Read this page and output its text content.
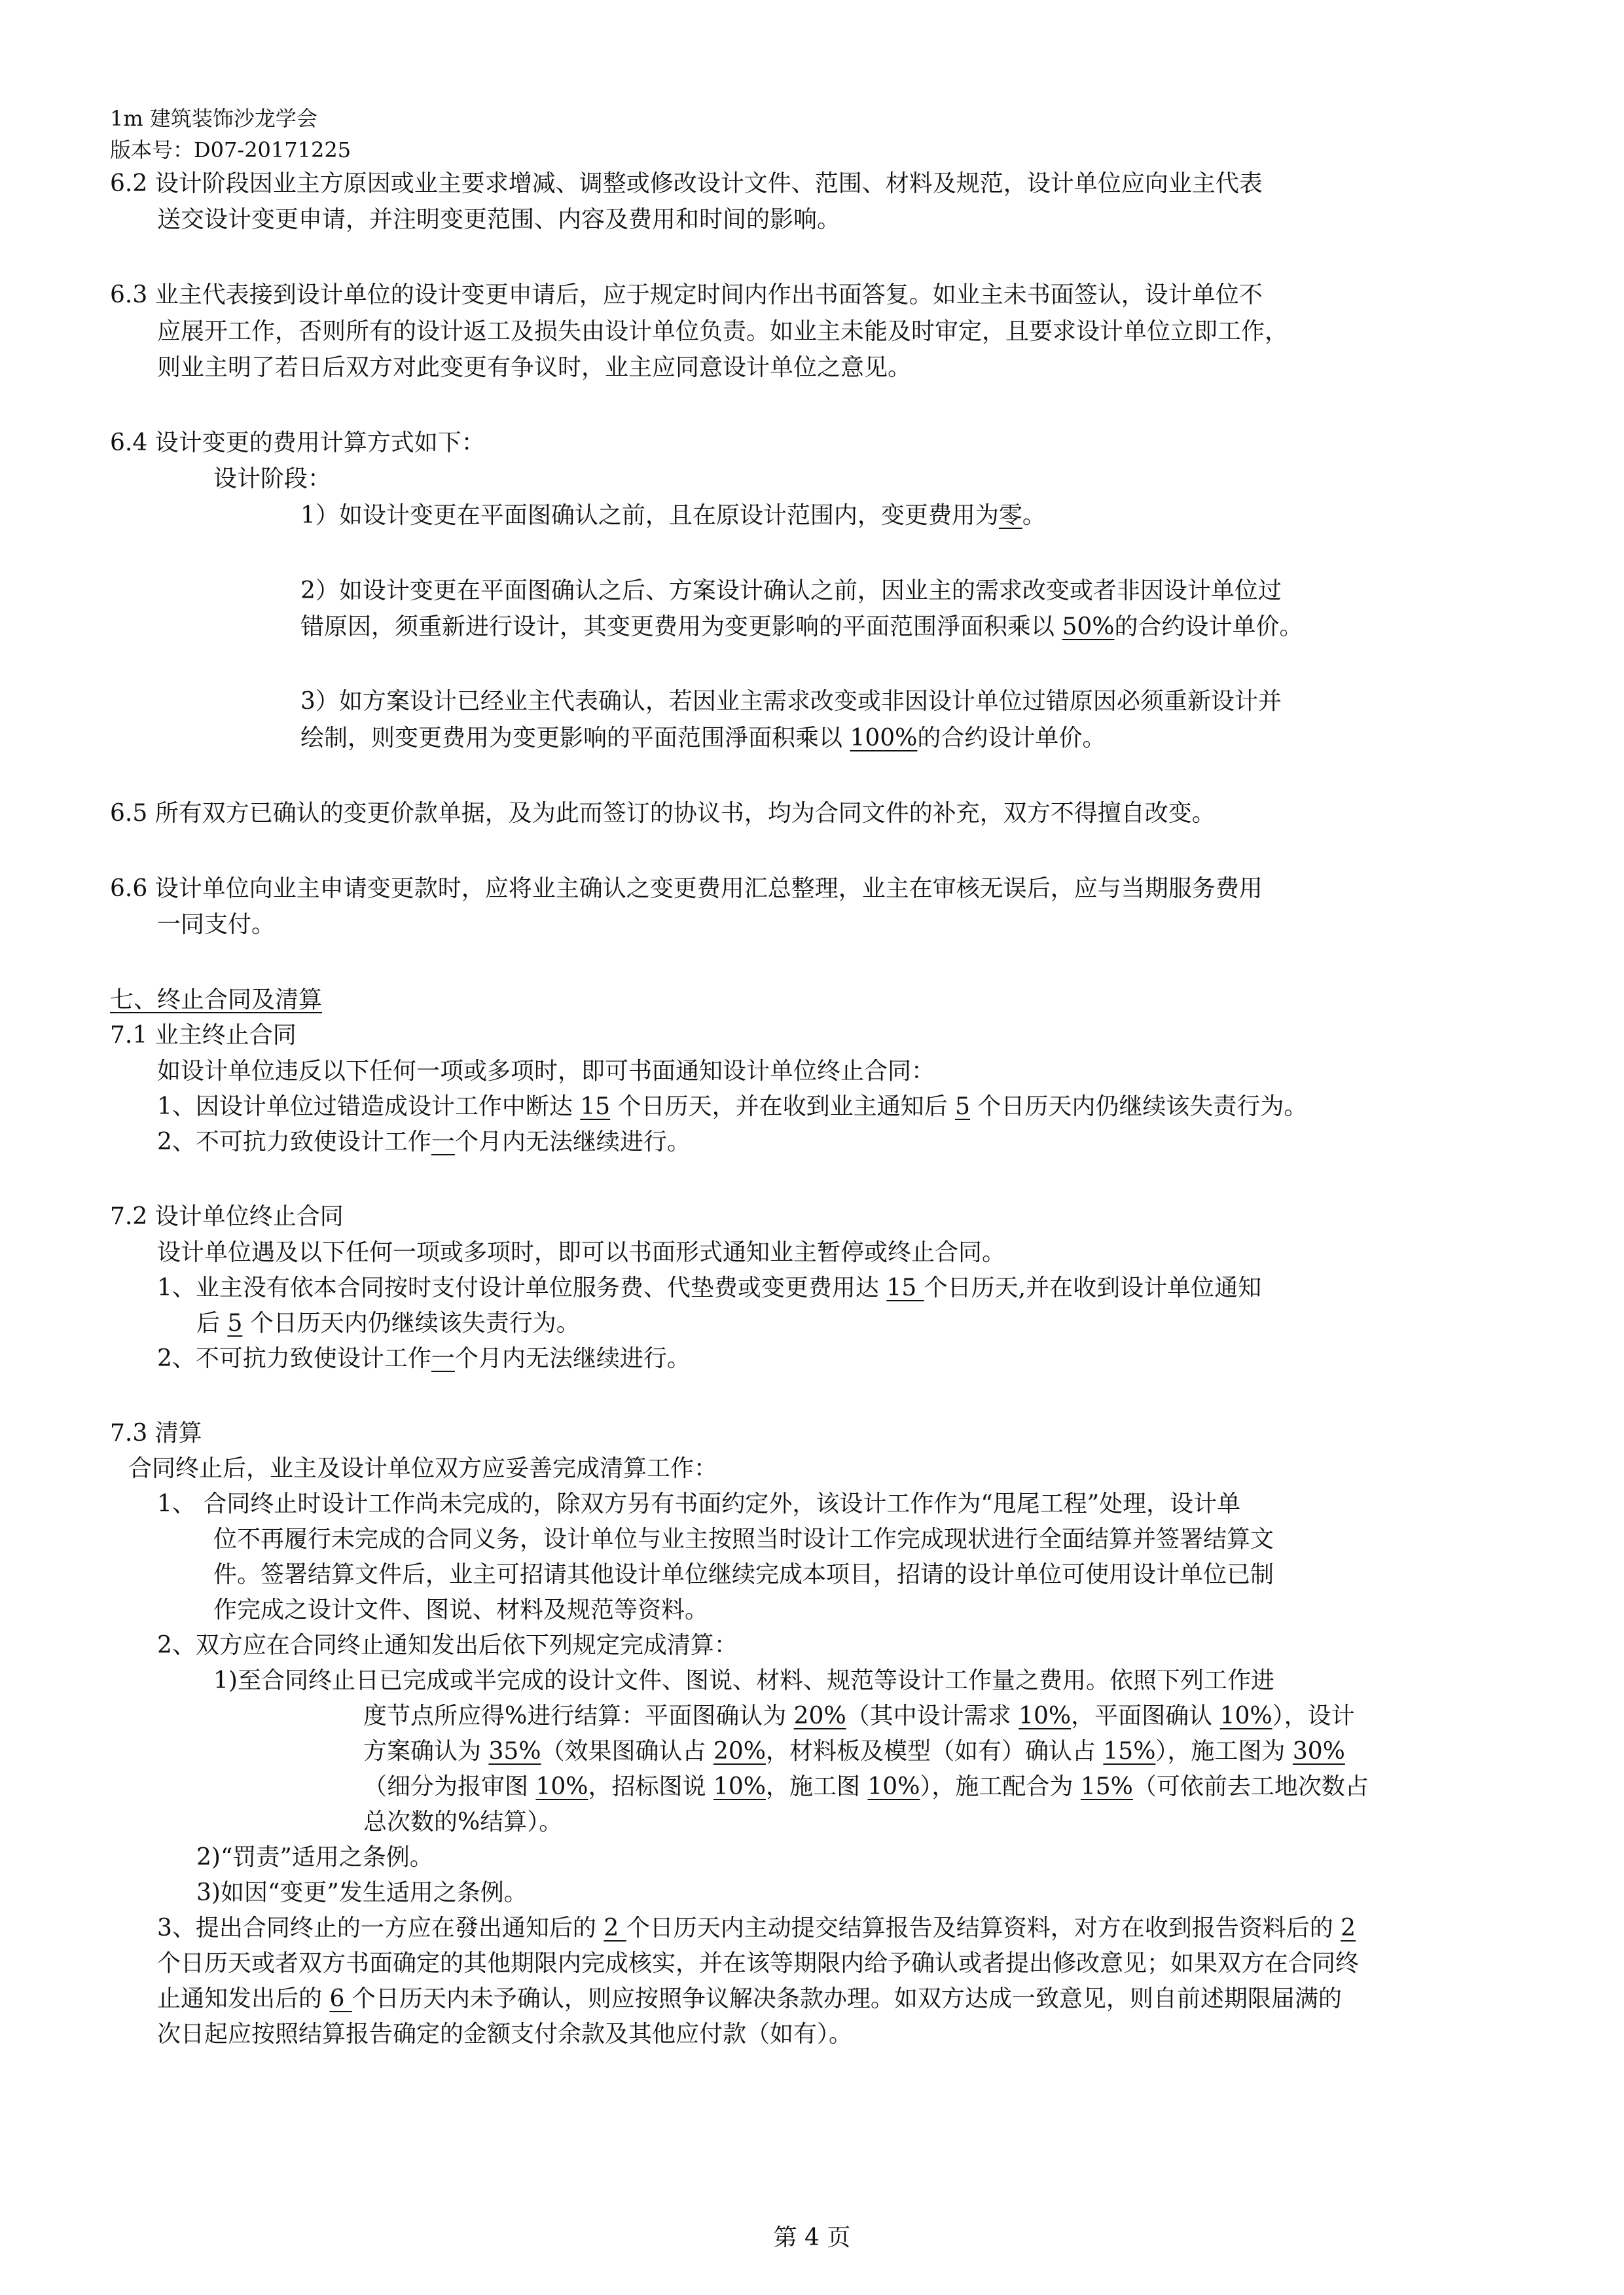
1m 建筑装饰沙龙学会
版本号：D07-20171225
6.2 设计阶段因业主方原因或业主要求增减、调整或修改设计文件、范围、材料及规范，设计单位应向业主代表
送交设计变更申请，并注明变更范围、内容及费用和时间的影响。
6.3 业主代表接到设计单位的设计变更申请后，应于规定时间内作出书面答复。如业主未书面签认，设计单位不
应展开工作，否则所有的设计返工及损失由设计单位负责。如业主未能及时审定，且要求设计单位立即工作，
则业主明了若日后双方对此变更有争议时，业主应同意设计单位之意见。
6.4 设计变更的费用计算方式如下：
设计阶段：
1）如设计变更在平面图确认之前，且在原设计范围内，变更费用为零。
2）如设计变更在平面图确认之后、方案设计确认之前，因业主的需求改变或者非因设计单位过
错原因，须重新进行设计，其变更费用为变更影响的平面范围淨面积乘以 50%的合约设计单价。
3）如方案设计已经业主代表确认，若因业主需求改变或非因设计单位过错原因必须重新设计并
绘制，则变更费用为变更影响的平面范围淨面积乘以 100%的合约设计单价。
6.5 所有双方已确认的变更价款单据，及为此而签订的协议书，均为合同文件的补充，双方不得擅自改变。
6.6 设计单位向业主申请变更款时，应将业主确认之变更费用汇总整理，业主在审核无误后，应与当期服务费用
一同支付。
七、终止合同及清算
7.1 业主终止合同
如设计单位违反以下任何一项或多项时，即可书面通知设计单位终止合同：
1、因设计单位过错造成设计工作中断达 15 个日历天，并在收到业主通知后 5 个日历天内仍继续该失责行为。
2、不可抗力致使设计工作一个月内无法继续进行。
7.2 设计单位终止合同
设计单位遇及以下任何一项或多项时，即可以书面形式通知业主暂停或终止合同。
1、业主没有依本合同按时支付设计单位服务费、代垫费或变更费用达 15 个日历天,并在收到设计单位通知
后 5 个日历天内仍继续该失责行为。
2、不可抗力致使设计工作一个月内无法继续进行。
7.3 清算
合同终止后，业主及设计单位双方应妥善完成清算工作：
1、 合同终止时设计工作尚未完成的，除双方另有书面约定外，该设计工作作为“甩尾工程”处理，设计单
位不再履行未完成的合同义务，设计单位与业主按照当时设计工作完成现状进行全面结算并签署结算文
件。签署结算文件后，业主可招请其他设计单位继续完成本项目，招请的设计单位可使用设计单位已制
作完成之设计文件、图说、材料及规范等资料。
2、双方应在合同终止通知发出后依下列规定完成清算：
1)至合同终止日已完成或半完成的设计文件、图说、材料、规范等设计工作量之费用。依照下列工作进
度节点所应得%进行结算：平面图确认为 20%（其中设计需求 10%，平面图确认 10%），设计
方案确认为 35%（效果图确认占 20%，材料板及模型（如有）确认占 15%），施工图为 30%
（细分为报审图 10%，招标图说 10%，施工图 10%），施工配合为 15%（可依前去工地次数占
总次数的%结算）。
2)“罚责”适用之条例。
3)如因“变更”发生适用之条例。
3、提出合同终止的一方应在發出通知后的 2 个日历天内主动提交结算报告及结算资料，对方在收到报告资料后的 2
个日历天或者双方书面确定的其他期限内完成核实，并在该等期限内给予确认或者提出修改意见；如果双方在合同终
止通知发出后的 6 个日历天内未予确认，则应按照争议解决条款办理。如双方达成一致意见，则自前述期限届满的
次日起应按照结算报告确定的金额支付余款及其他应付款（如有）。
第 4 页
